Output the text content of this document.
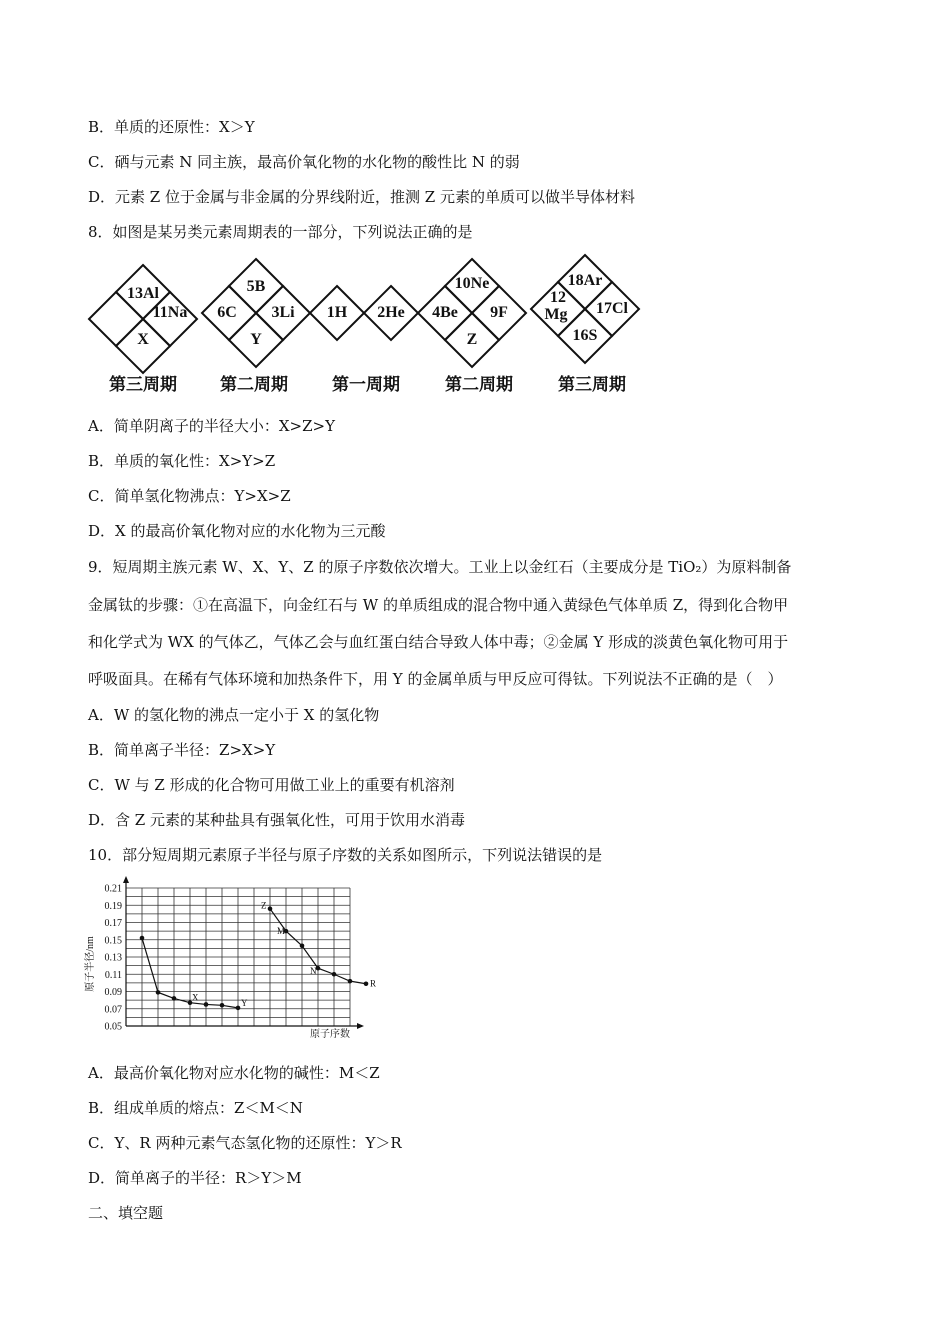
B．单质的还原性：X＞Y
C．硒与元素 N 同主族，最高价氧化物的水化物的酸性比 N 的弱
D．元素 Z 位于金属与非金属的分界线附近，推测 Z 元素的单质可以做半导体材料
8．如图是某另类元素周期表的一部分，下列说法正确的是
13Al
11Na
X
6C
5B
3Li
Y
1H 2He 4Be
10Ne
9F
Z
12
Mg
18Ar
17Cl
16S
第三周期	第二周期	第一周期	第二周期	第三周期
A．简单阴离子的半径大小：X>Z>Y
B．单质的氧化性：X>Y>Z
C．简单氢化物沸点：Y>X>Z
D．X 的最高价氧化物对应的水化物为三元酸
9．短周期主族元素 W、X、Y、Z 的原子序数依次增大。工业上以金红石（主要成分是 TiO₂）为原料制备
金属钛的步骤：①在高温下，向金红石与 W 的单质组成的混合物中通入黄绿色气体单质 Z，得到化合物甲
和化学式为 WX 的气体乙，气体乙会与血红蛋白结合导致人体中毒；②金属 Y 形成的淡黄色氧化物可用于
呼吸面具。在稀有气体环境和加热条件下，用 Y 的金属单质与甲反应可得钛。下列说法不正确的是（　）
A．W 的氢化物的沸点一定小于 X 的氢化物
B．简单离子半径：Z>X>Y
C．W 与 Z 形成的化合物可用做工业上的重要有机溶剂
D．含 Z 元素的某种盐具有强氧化性，可用于饮用水消毒
10．部分短周期元素原子半径与原子序数的关系如图所示，下列说法错误的是
0.21
0.19
0.17
0.15
0.13
0.11
0.09
0.07
0.05
X
Y
Z
M
N
R
原子序数
原子半径/nm
A．最高价氧化物对应水化物的碱性：M＜Z
B．组成单质的熔点：Z＜M＜N
C．Y、R 两种元素气态氢化物的还原性：Y＞R
D．简单离子的半径：R＞Y＞M
二、填空题
